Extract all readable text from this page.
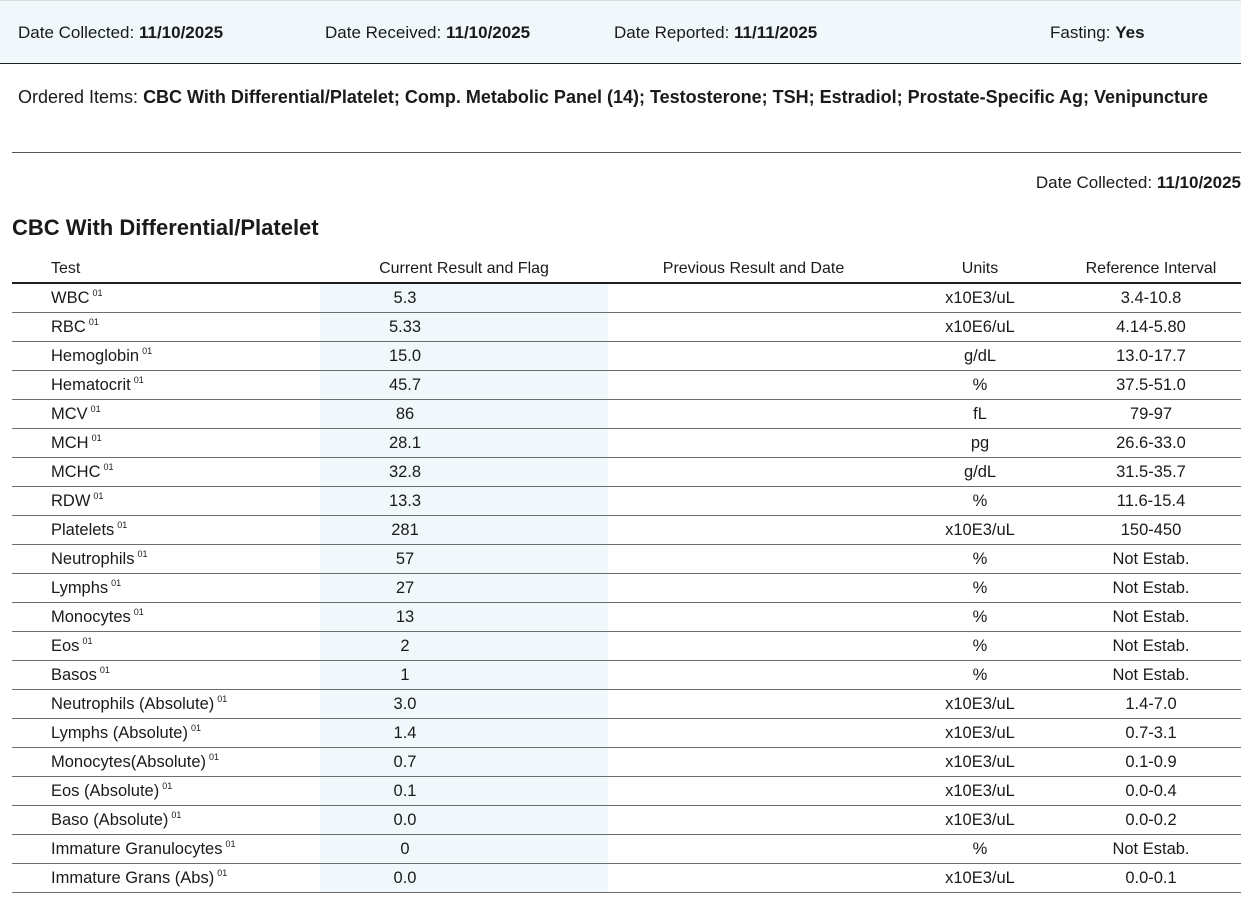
Date Collected: 11/10/2025	Date Received: 11/10/2025	Date Reported: 11/11/2025	Fasting: Yes
Ordered Items: CBC With Differential/Platelet; Comp. Metabolic Panel (14); Testosterone; TSH; Estradiol; Prostate-Specific Ag; Venipuncture
Date Collected: 11/10/2025
CBC With Differential/Platelet
Test	Current Result and Flag	Previous Result and Date	Units	Reference Interval
WBC $^{01}$	5.3		x10E3/uL	3.4-10.8
RBC $^{01}$	5.33		x10E6/uL	4.14-5.80
Hemoglobin $^{01}$	15.0		g/dL	13.0-17.7
Hematocrit $^{01}$	45.7		%	37.5-51.0
MCV $^{01}$	86		fL	79-97
MCH $^{01}$	28.1		pg	26.6-33.0
MCHC $^{01}$	32.8		g/dL	31.5-35.7
RDW $^{01}$	13.3		%	11.6-15.4
Platelets $^{01}$	281		x10E3/uL	150-450
Neutrophils $^{01}$	57		%	Not Estab.
Lymphs $^{01}$	27		%	Not Estab.
Monocytes $^{01}$	13		%	Not Estab.
Eos $^{01}$	2		%	Not Estab.
Basos $^{01}$	1		%	Not Estab.
Neutrophils (Absolute) $^{01}$	3.0		x10E3/uL	1.4-7.0
Lymphs (Absolute) $^{01}$	1.4		x10E3/uL	0.7-3.1
Monocytes(Absolute) $^{01}$	0.7		x10E3/uL	0.1-0.9
Eos (Absolute) $^{01}$	0.1		x10E3/uL	0.0-0.4
Baso (Absolute) $^{01}$	0.0		x10E3/uL	0.0-0.2
Immature Granulocytes $^{01}$	0		%	Not Estab.
Immature Grans (Abs) $^{01}$	0.0		x10E3/uL	0.0-0.1
